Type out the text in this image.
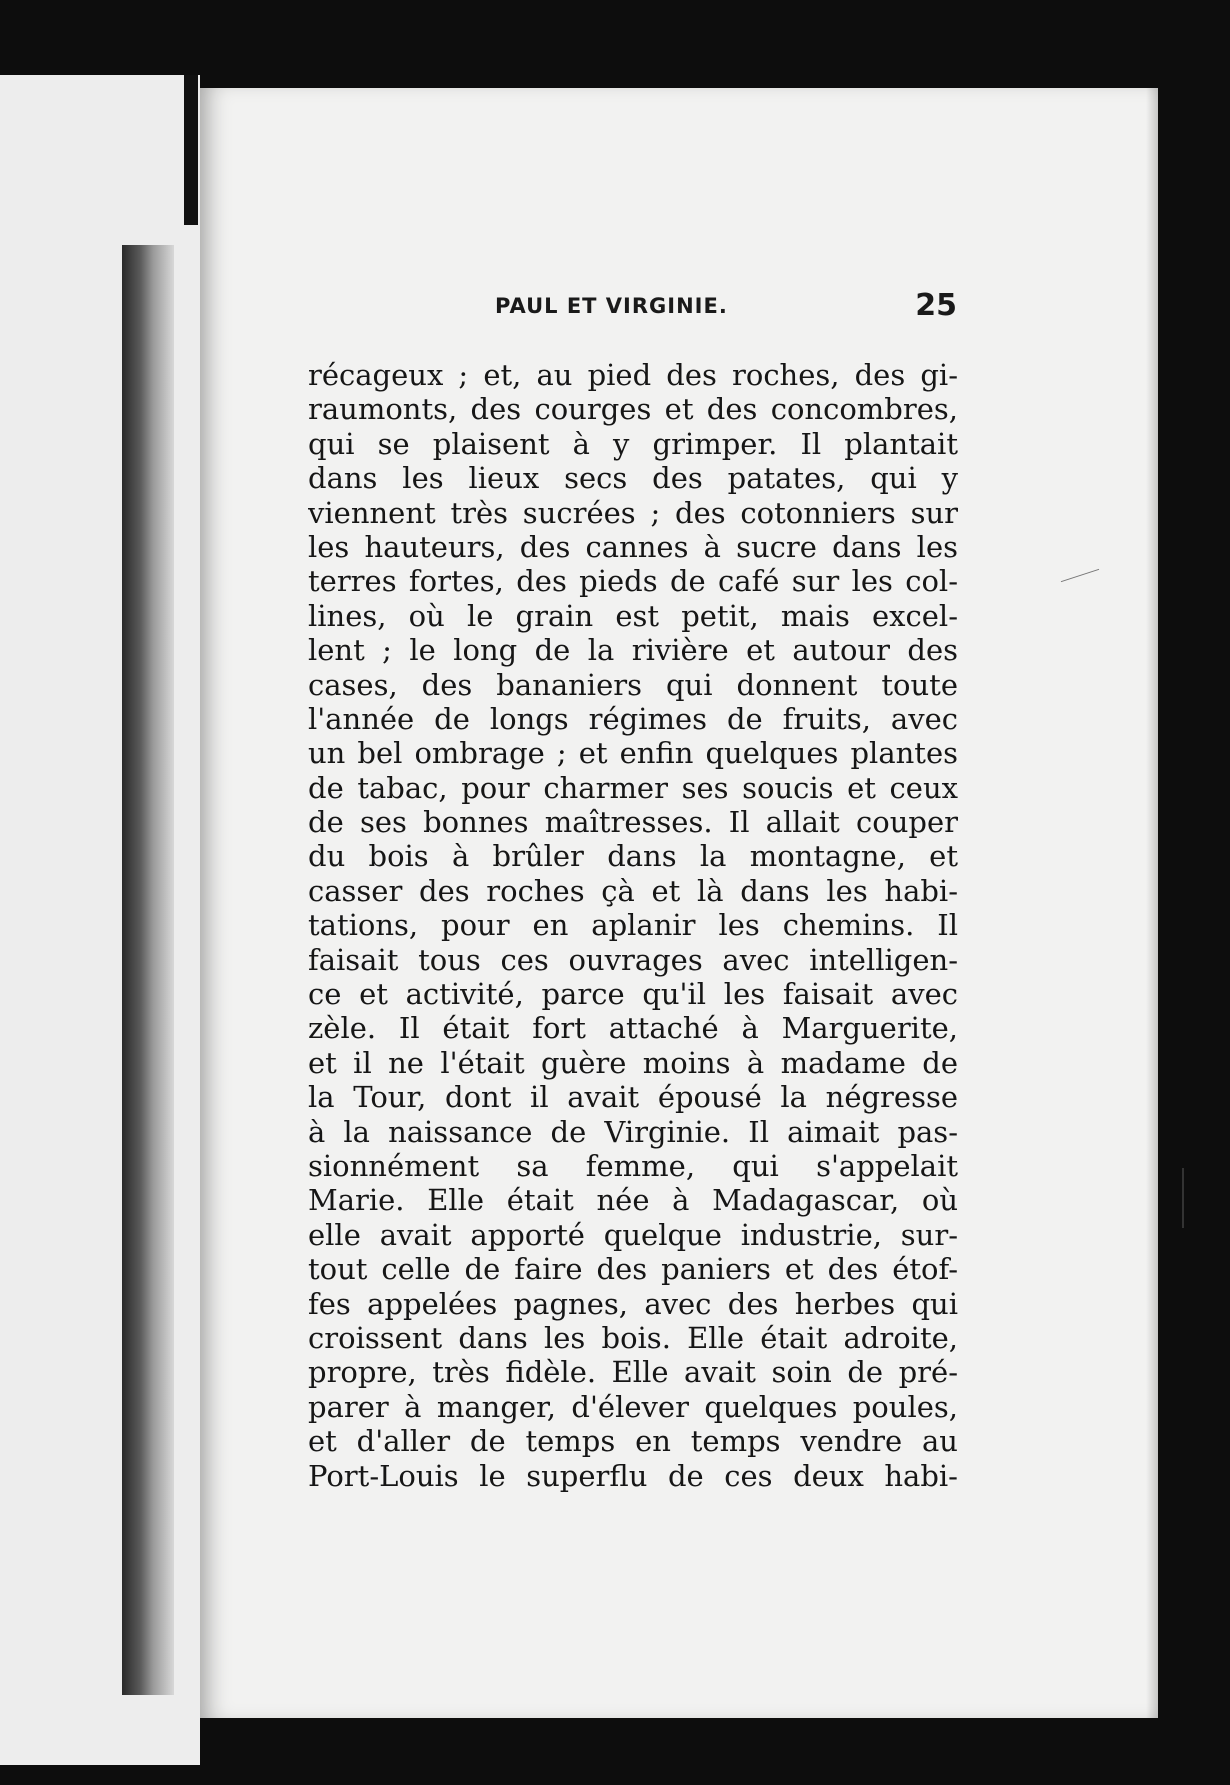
PAUL ET VIRGINIE.	25
récageux ; et, au pied des roches, des gi-
raumonts, des courges et des concombres,
qui se plaisent à y grimper. Il plantait
dans les lieux secs des patates, qui y
viennent très sucrées ; des cotonniers sur
les hauteurs, des cannes à sucre dans les
terres fortes, des pieds de café sur les col-
lines, où le grain est petit, mais excel-
lent ; le long de la rivière et autour des
cases, des bananiers qui donnent toute
l'année de longs régimes de fruits, avec
un bel ombrage ; et enfin quelques plantes
de tabac, pour charmer ses soucis et ceux
de ses bonnes maîtresses. Il allait couper
du bois à brûler dans la montagne, et
casser des roches çà et là dans les habi-
tations, pour en aplanir les chemins. Il
faisait tous ces ouvrages avec intelligen-
ce et activité, parce qu'il les faisait avec
zèle. Il était fort attaché à Marguerite,
et il ne l'était guère moins à madame de
la Tour, dont il avait épousé la négresse
à la naissance de Virginie. Il aimait pas-
sionnément sa femme, qui s'appelait
Marie. Elle était née à Madagascar, où
elle avait apporté quelque industrie, sur-
tout celle de faire des paniers et des étof-
fes appelées pagnes, avec des herbes qui
croissent dans les bois. Elle était adroite,
propre, très fidèle. Elle avait soin de pré-
parer à manger, d'élever quelques poules,
et d'aller de temps en temps vendre au
Port-Louis le superflu de ces deux habi-
